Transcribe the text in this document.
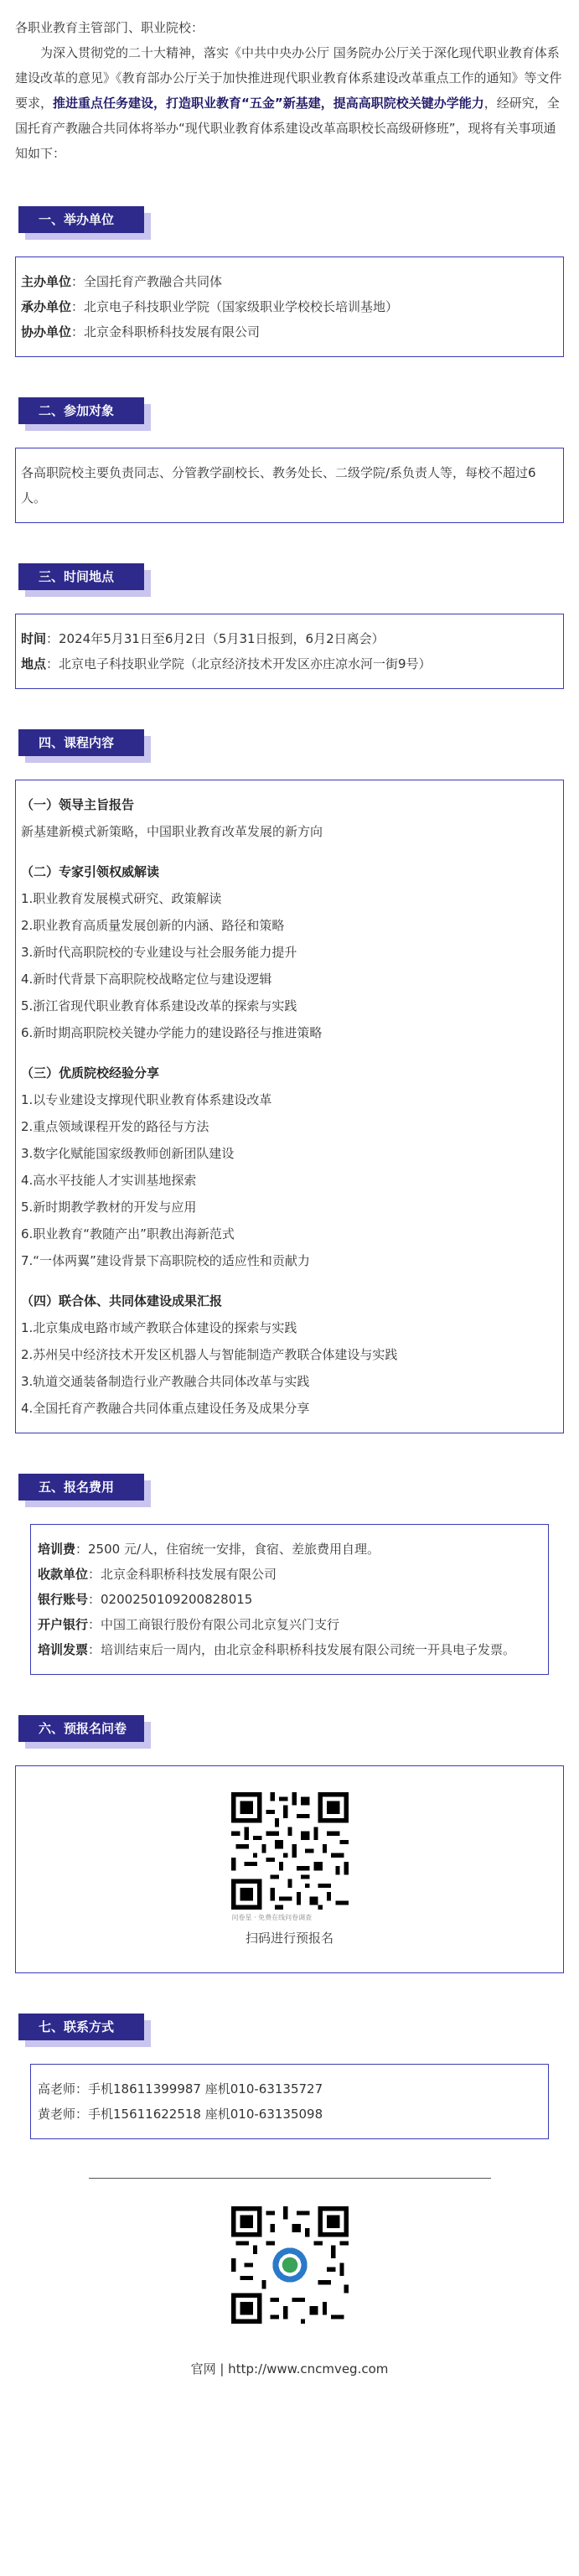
各职业教育主管部门、职业院校：

为深入贯彻党的二十大精神，落实《中共中央办公厅 国务院办公厅关于深化现代职业教育体系建设改革的意见》《教育部办公厅关于加快推进现代职业教育体系建设改革重点工作的通知》等文件要求，推进重点任务建设，打造职业教育“五金”新基建，提高高职院校关键办学能力，经研究，全国托育产教融合共同体将举办“现代职业教育体系建设改革高职校长高级研修班”，现将有关事项通知如下：

一、举办单位
主办单位：全国托育产教融合共同体
承办单位：北京电子科技职业学院（国家级职业学校校长培训基地）
协办单位：北京金科职桥科技发展有限公司
二、参加对象
各高职院校主要负责同志、分管教学副校长、教务处长、二级学院/系负责人等，每校不超过6人。
三、时间地点
时间：2024年5月31日至6月2日（5月31日报到，6月2日离会）
地点：北京电子科技职业学院（北京经济技术开发区亦庄凉水河一街9号）
四、课程内容
（一）领导主旨报告
新基建新模式新策略，中国职业教育改革发展的新方向
（二）专家引领权威解读
1.职业教育发展模式研究、政策解读
2.职业教育高质量发展创新的内涵、路径和策略
3.新时代高职院校的专业建设与社会服务能力提升
4.新时代背景下高职院校战略定位与建设逻辑
5.浙江省现代职业教育体系建设改革的探索与实践
6.新时期高职院校关键办学能力的建设路径与推进策略
（三）优质院校经验分享
1.以专业建设支撑现代职业教育体系建设改革
2.重点领域课程开发的路径与方法
3.数字化赋能国家级教师创新团队建设
4.高水平技能人才实训基地探索
5.新时期教学教材的开发与应用
6.职业教育“教随产出”职教出海新范式
7.“一体两翼”建设背景下高职院校的适应性和贡献力
（四）联合体、共同体建设成果汇报
1.北京集成电路市域产教联合体建设的探索与实践
2.苏州吴中经济技术开发区机器人与智能制造产教联合体建设与实践
3.轨道交通装备制造行业产教融合共同体改革与实践
4.全国托育产教融合共同体重点建设任务及成果分享
五、报名费用
培训费：2500 元/人，住宿统一安排，食宿、差旅费用自理。
收款单位：北京金科职桥科技发展有限公司
银行账号：0200250109200828015
开户银行：中国工商银行股份有限公司北京复兴门支行
培训发票：培训结束后一周内，由北京金科职桥科技发展有限公司统一开具电子发票。
六、预报名问卷
问卷星 · 免费在线问卷调查
扫码进行预报名
七、联系方式
高老师：手机18611399987 座机010-63135727
黄老师：手机15611622518 座机010-63135098
官网 | http://www.cncmveg.com
